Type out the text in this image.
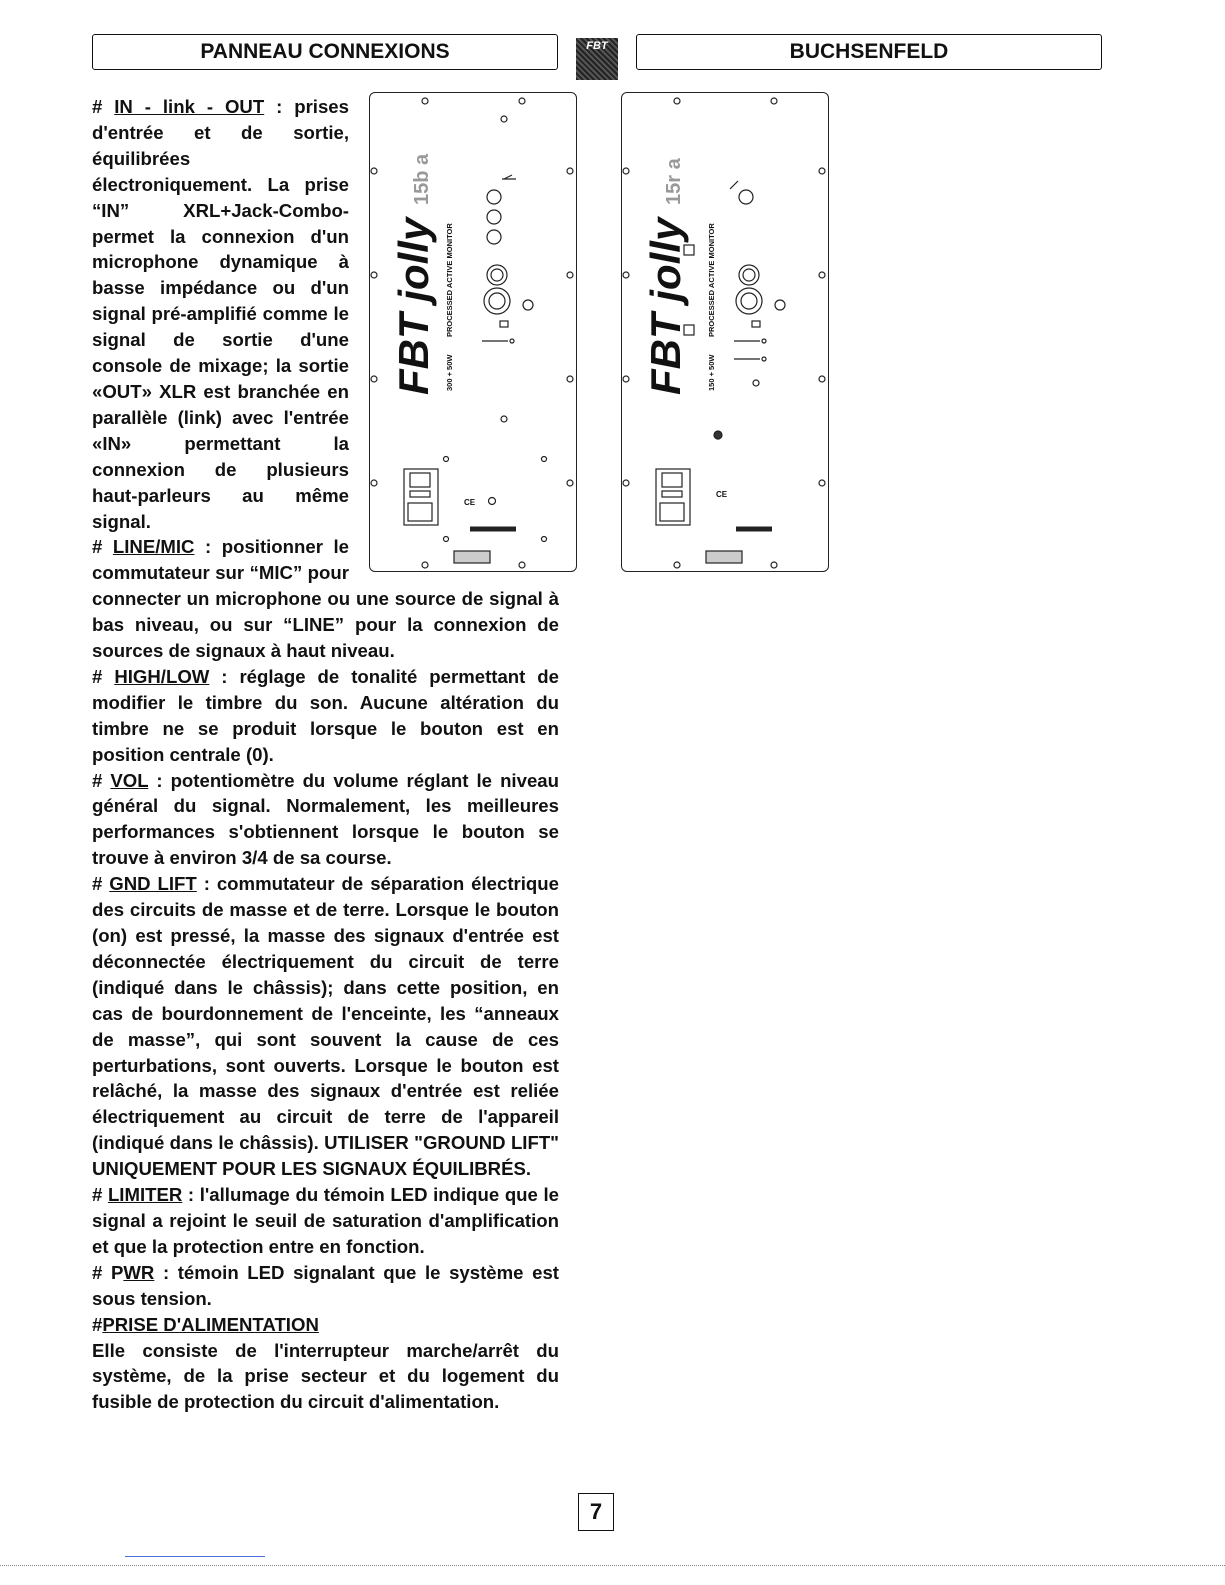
PANNEAU CONNEXIONS	FBT	BUCHSENFELD
FBT jolly
15b a
PROCESSED ACTIVE MONITOR
300 + 50W
CE
FBT jolly
15r a
PROCESSED ACTIVE MONITOR
150 + 50W
CE

# IN - link - OUT : prises d'entrée et de sortie, équilibrées électroniquement. La prise “IN” XRL+Jack-Combo- permet la connexion d'un microphone dynamique à basse impédance ou d'un signal pré-amplifié comme le signal de sortie d'une console de mixage; la sortie «OUT» XLR est branchée en parallèle (link) avec l'entrée «IN» permettant la connexion de plusieurs haut-parleurs au même signal.

# LINE/MIC : positionner le commutateur sur “MIC” pour connecter un microphone ou une source de signal à bas niveau, ou sur “LINE” pour la connexion de sources de signaux à haut niveau.

# HIGH/LOW : réglage de tonalité permettant de modifier le timbre du son. Aucune altération du timbre ne se produit lorsque le bouton est en position centrale (0).

# VOL : potentiomètre du volume réglant le niveau général du signal. Normalement, les meilleures performances s'obtiennent lorsque le bouton se trouve à environ 3/4 de sa course.

# GND LIFT : commutateur de séparation électrique des circuits de masse et de terre. Lorsque le bouton (on) est pressé, la masse des signaux d'entrée est déconnectée électriquement du circuit de terre (indiqué dans le châssis); dans cette position, en cas de bourdonnement de l'enceinte, les “anneaux de masse”, qui sont souvent la cause de ces perturbations, sont ouverts. Lorsque le bouton est relâché, la masse des signaux d'entrée est reliée électriquement au circuit de terre de l'appareil (indiqué dans le châssis). UTILISER "GROUND LIFT" UNIQUEMENT POUR LES SIGNAUX ÉQUILIBRÉS.

# LIMITER : l'allumage du témoin LED indique que le signal a rejoint le seuil de saturation d'amplification et que la protection entre en fonction.

# PWR : témoin LED signalant que le système est sous tension.

#PRISE D'ALIMENTATION

Elle consiste de l'interrupteur marche/arrêt du système, de la prise secteur et du logement du fusible de protection du circuit d'alimentation.

7
